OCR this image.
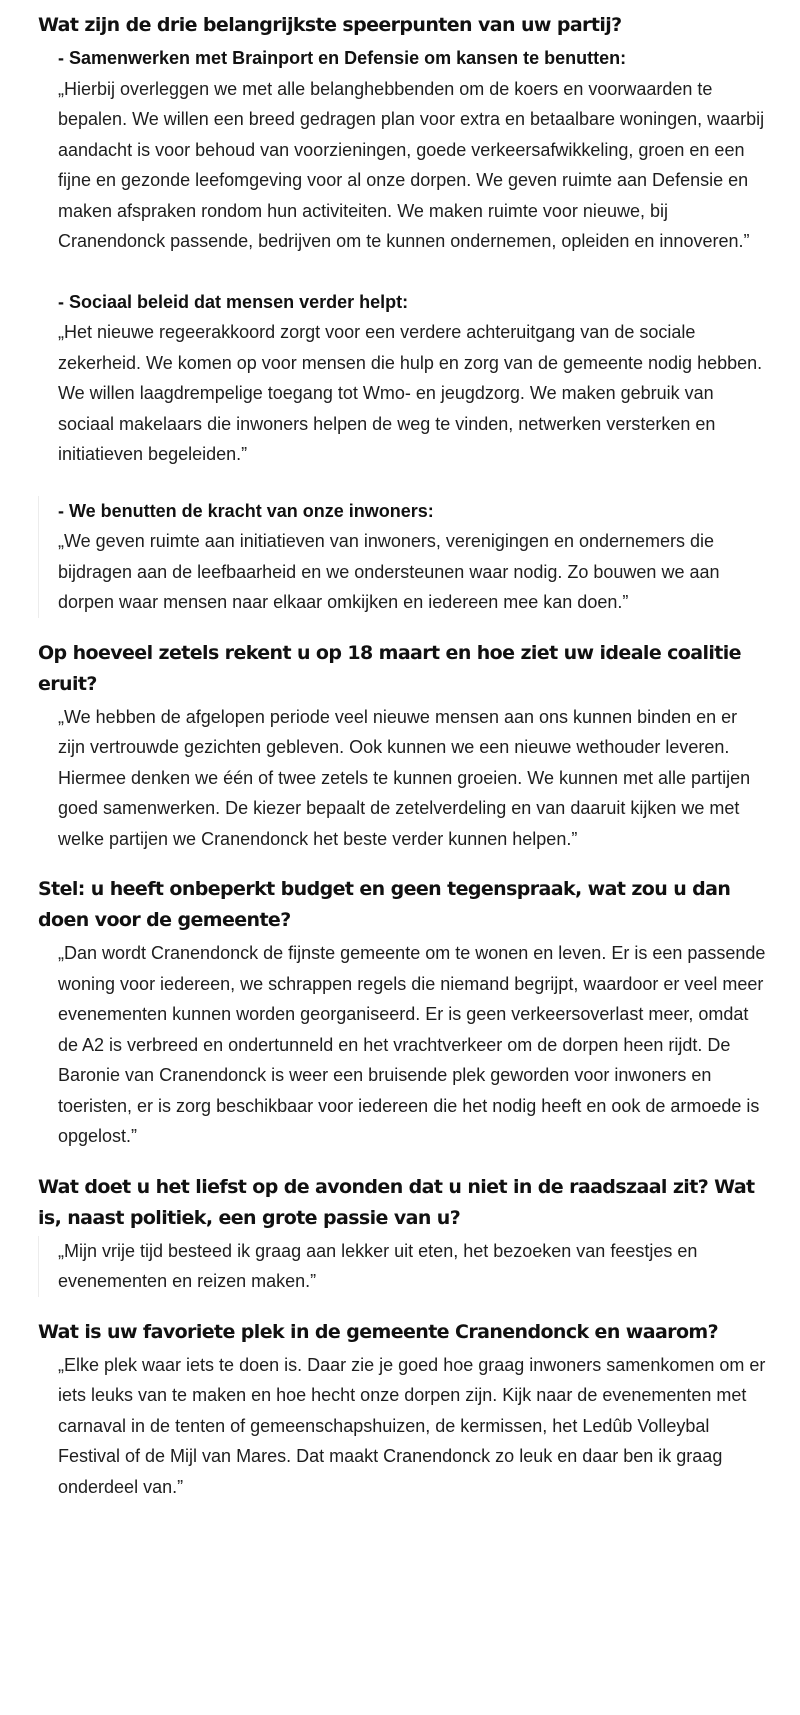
Wat zijn de drie belangrijkste speerpunten van uw partij?
- Samenwerken met Brainport en Defensie om kansen te benutten:
„Hierbij overleggen we met alle belanghebbenden om de koers en voorwaarden te bepalen. We willen een breed gedragen plan voor extra en betaalbare woningen, waarbij aandacht is voor behoud van voorzieningen, goede verkeersafwikkeling, groen en een fijne en gezonde leefomgeving voor al onze dorpen. We geven ruimte aan Defensie en maken afspraken rondom hun activiteiten. We maken ruimte voor nieuwe, bij Cranendonck passende, bedrijven om te kunnen ondernemen, opleiden en innoveren.”
- Sociaal beleid dat mensen verder helpt:
„Het nieuwe regeerakkoord zorgt voor een verdere achteruitgang van de sociale zekerheid. We komen op voor mensen die hulp en zorg van de gemeente nodig hebben. We willen laagdrempelige toegang tot Wmo- en jeugdzorg. We maken gebruik van sociaal makelaars die inwoners helpen de weg te vinden, netwerken versterken en initiatieven begeleiden.”
- We benutten de kracht van onze inwoners:
„We geven ruimte aan initiatieven van inwoners, verenigingen en ondernemers die bijdragen aan de leefbaarheid en we ondersteunen waar nodig. Zo bouwen we aan dorpen waar mensen naar elkaar omkijken en iedereen mee kan doen.”
Op hoeveel zetels rekent u op 18 maart en hoe ziet uw ideale coalitie eruit?
„We hebben de afgelopen periode veel nieuwe mensen aan ons kunnen binden en er zijn vertrouwde gezichten gebleven. Ook kunnen we een nieuwe wethouder leveren. Hiermee denken we één of twee zetels te kunnen groeien. We kunnen met alle partijen goed samenwerken. De kiezer bepaalt de zetelverdeling en van daaruit kijken we met welke partijen we Cranendonck het beste verder kunnen helpen.”
Stel: u heeft onbeperkt budget en geen tegenspraak, wat zou u dan doen voor de gemeente?
„Dan wordt Cranendonck de fijnste gemeente om te wonen en leven. Er is een passende woning voor iedereen, we schrappen regels die niemand begrijpt, waardoor er veel meer evenementen kunnen worden georganiseerd. Er is geen verkeersoverlast meer, omdat de A2 is verbreed en ondertunneld en het vrachtverkeer om de dorpen heen rijdt. De Baronie van Cranendonck is weer een bruisende plek geworden voor inwoners en toeristen, er is zorg beschikbaar voor iedereen die het nodig heeft en ook de armoede is opgelost.”
Wat doet u het liefst op de avonden dat u niet in de raadszaal zit? Wat is, naast politiek, een grote passie van u?
„Mijn vrije tijd besteed ik graag aan lekker uit eten, het bezoeken van feestjes en evenementen en reizen maken.”
Wat is uw favoriete plek in de gemeente Cranendonck en waarom?
„Elke plek waar iets te doen is. Daar zie je goed hoe graag inwoners samenkomen om er iets leuks van te maken en hoe hecht onze dorpen zijn. Kijk naar de evenementen met carnaval in de tenten of gemeenschapshuizen, de kermissen, het Ledûb Volleybal Festival of de Mijl van Mares. Dat maakt Cranendonck zo leuk en daar ben ik graag onderdeel van.”
